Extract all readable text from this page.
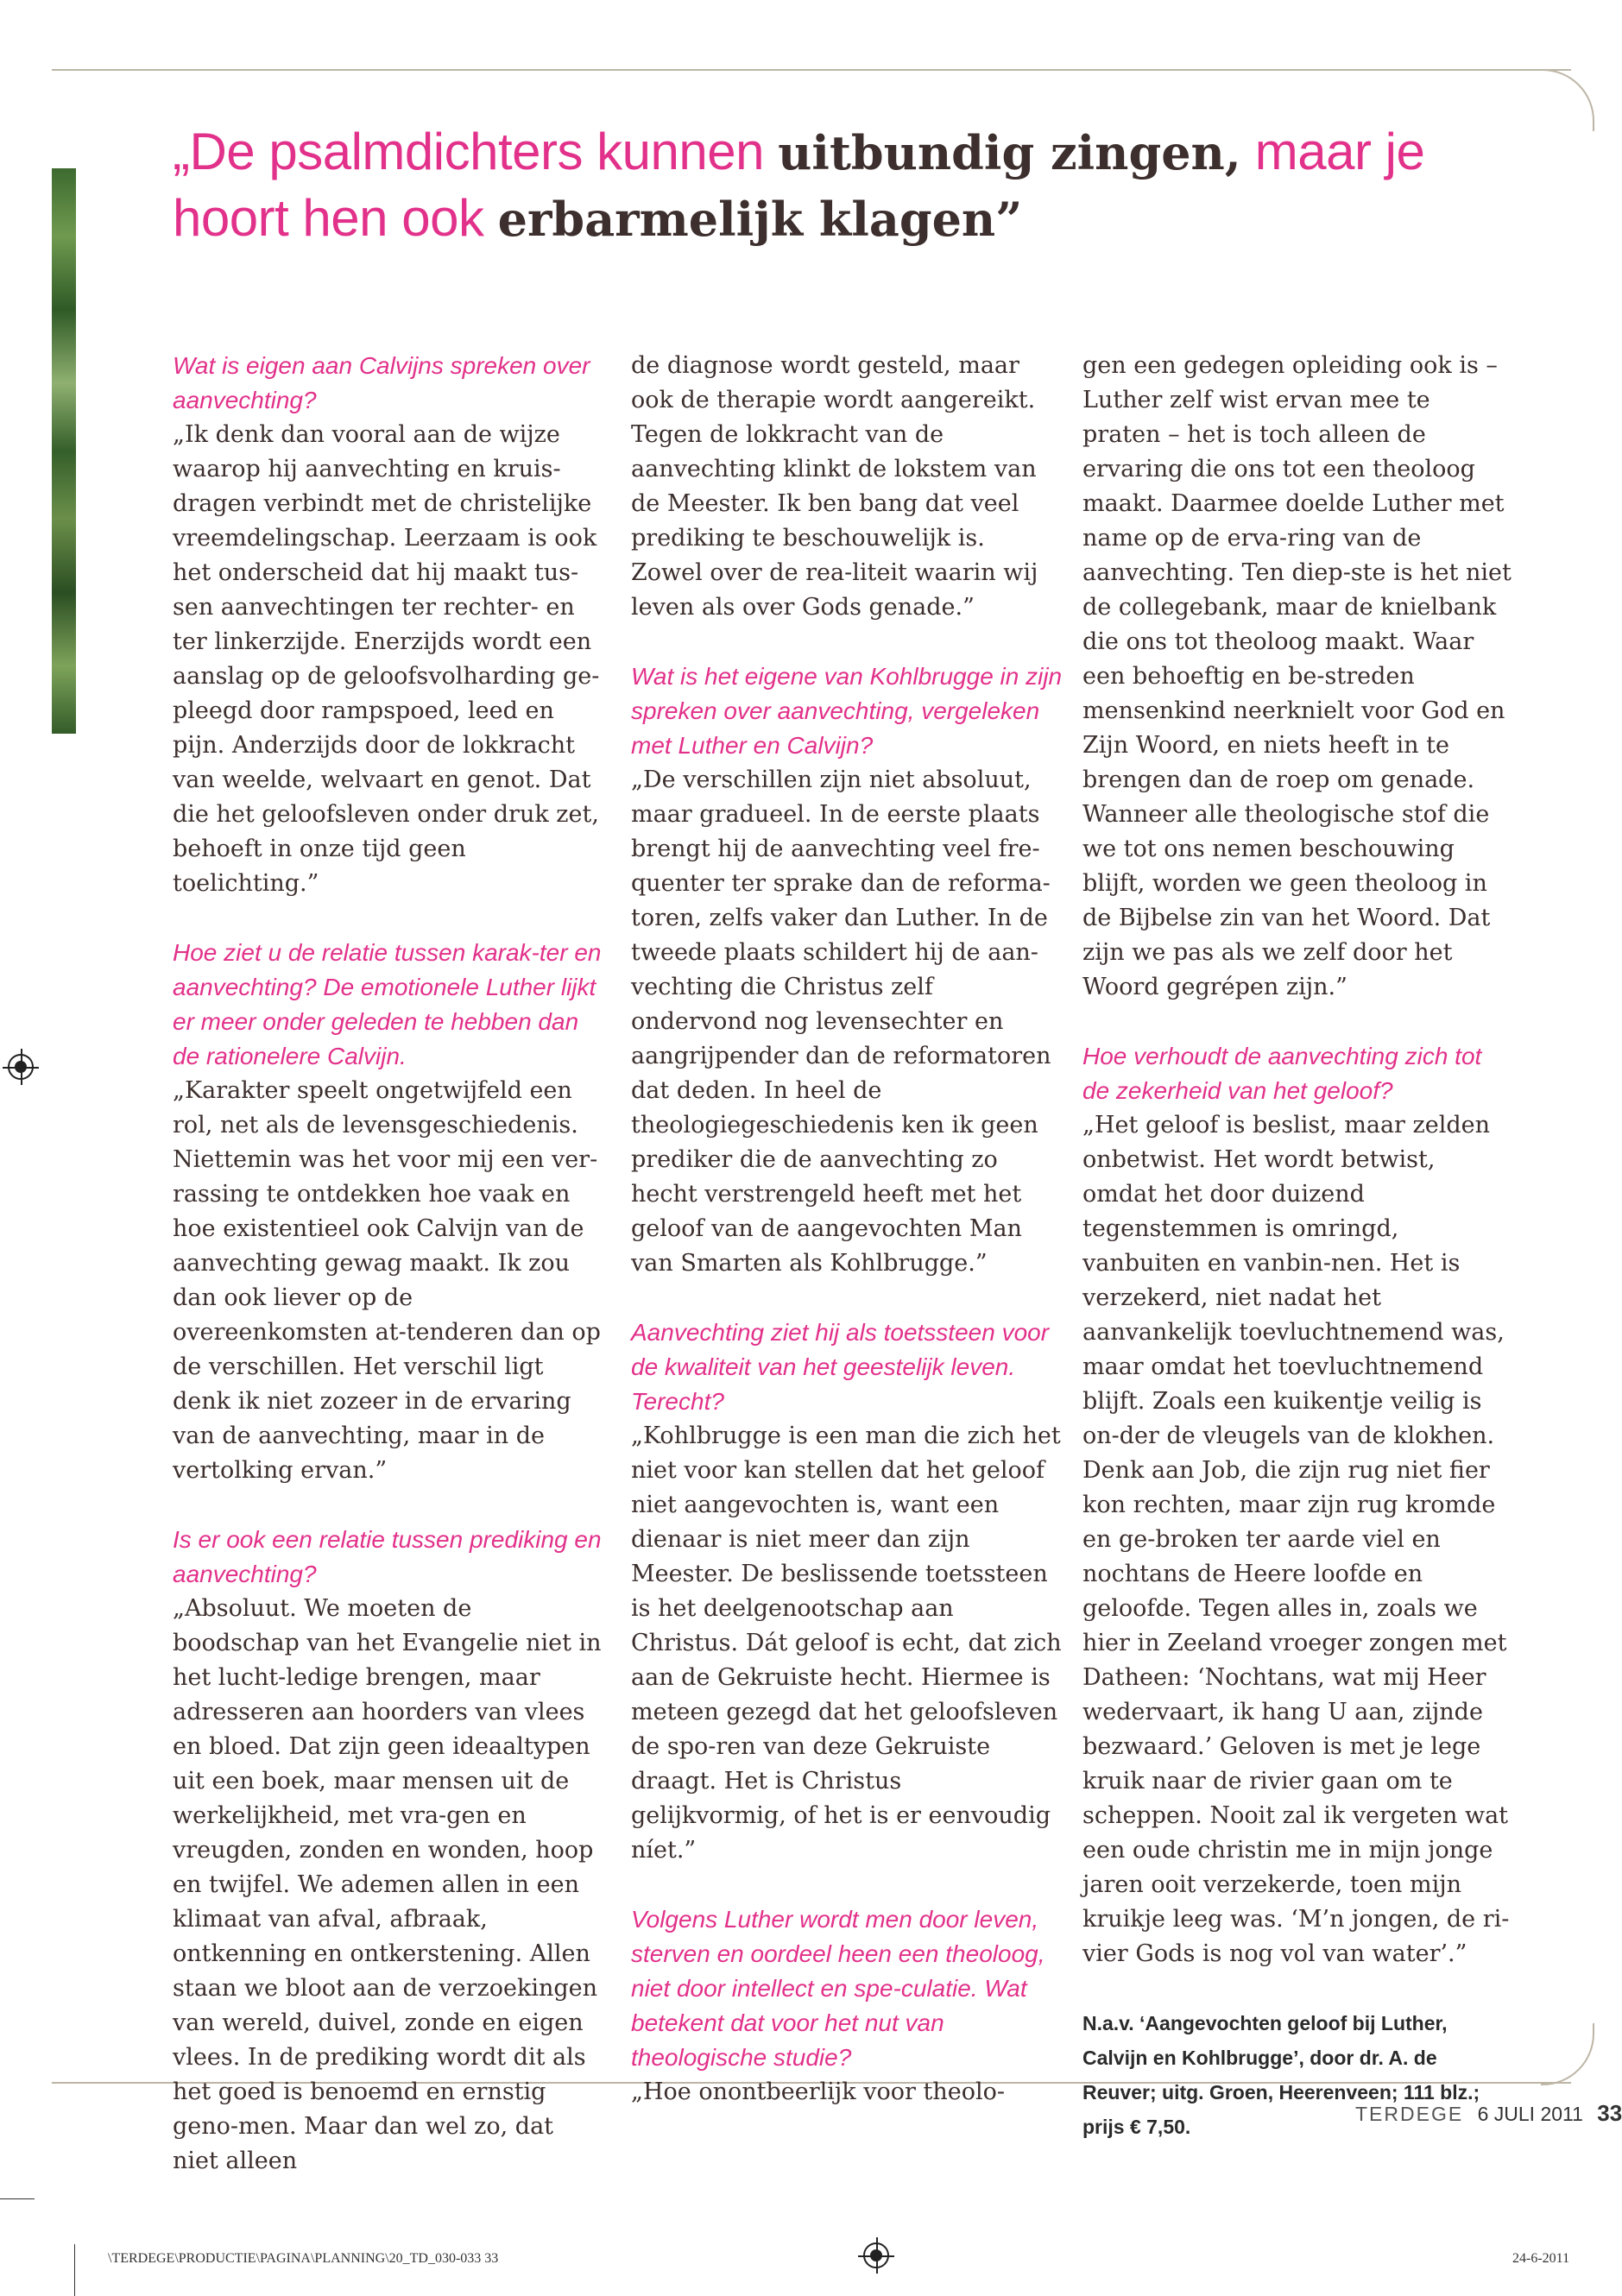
„De psalmdichters kunnen uitbundig zingen, maar je hoort hen ook erbarmelijk klagen”

Wat is eigen aan Calvijns spreken over aanvechting?

„Ik denk dan vooral aan de wijze waarop hij aanvechting en kruis-dragen verbindt met de christelijke vreemdelingschap. Leerzaam is ook het onderscheid dat hij maakt tus-sen aanvechtingen ter rechter- en ter linkerzijde. Enerzijds wordt een aanslag op de geloofsvolharding ge-pleegd door rampspoed, leed en pijn. Anderzijds door de lokkracht van weelde, welvaart en genot. Dat die het geloofsleven onder druk zet, behoeft in onze tijd geen toelichting.”

Hoe ziet u de relatie tussen karak-ter en aanvechting? De emotionele Luther lijkt er meer onder geleden te hebben dan de rationelere Calvijn.

„Karakter speelt ongetwijfeld een rol, net als de levensgeschiedenis. Niettemin was het voor mij een ver-rassing te ontdekken hoe vaak en hoe existentieel ook Calvijn van de aanvechting gewag maakt. Ik zou dan ook liever op de overeenkomsten at-tenderen dan op de verschillen. Het verschil ligt denk ik niet zozeer in de ervaring van de aanvechting, maar in de vertolking ervan.”

Is er ook een relatie tussen prediking en aanvechting?

„Absoluut. We moeten de boodschap van het Evangelie niet in het lucht-ledige brengen, maar adresseren aan hoorders van vlees en bloed. Dat zijn geen ideaaltypen uit een boek, maar mensen uit de werkelijkheid, met vra-gen en vreugden, zonden en wonden, hoop en twijfel. We ademen allen in een klimaat van afval, afbraak, ontkenning en ontkerstening. Allen staan we bloot aan de verzoekingen van wereld, duivel, zonde en eigen vlees. In de prediking wordt dit als het goed is benoemd en ernstig geno-men. Maar dan wel zo, dat niet alleen

de diagnose wordt gesteld, maar ook de therapie wordt aangereikt. Tegen de lokkracht van de aanvechting klinkt de lokstem van de Meester. Ik ben bang dat veel prediking te beschouwelijk is. Zowel over de rea-liteit waarin wij leven als over Gods genade.”

Wat is het eigene van Kohlbrugge in zijn spreken over aanvechting, vergeleken met Luther en Calvijn?

„De verschillen zijn niet absoluut, maar gradueel. In de eerste plaats brengt hij de aanvechting veel fre-quenter ter sprake dan de reforma-toren, zelfs vaker dan Luther. In de tweede plaats schildert hij de aan-vechting die Christus zelf ondervond nog levensechter en aangrijpender dan de reformatoren dat deden. In heel de theologiegeschiedenis ken ik geen prediker die de aanvechting zo hecht verstrengeld heeft met het geloof van de aangevochten Man van Smarten als Kohlbrugge.”

Aanvechting ziet hij als toetssteen voor de kwaliteit van het geestelijk leven. Terecht?

„Kohlbrugge is een man die zich het niet voor kan stellen dat het geloof niet aangevochten is, want een dienaar is niet meer dan zijn Meester. De beslissende toetssteen is het deelgenootschap aan Christus. Dát geloof is echt, dat zich aan de Gekruiste hecht. Hiermee is meteen gezegd dat het geloofsleven de spo-ren van deze Gekruiste draagt. Het is Christus gelijkvormig, of het is er eenvoudig níet.”

Volgens Luther wordt men door leven, sterven en oordeel heen een theoloog, niet door intellect en spe-culatie. Wat betekent dat voor het nut van theologische studie?

„Hoe onontbeerlijk voor theolo-

gen een gedegen opleiding ook is – Luther zelf wist ervan mee te praten – het is toch alleen de ervaring die ons tot een theoloog maakt. Daarmee doelde Luther met name op de erva-ring van de aanvechting. Ten diep-ste is het niet de collegebank, maar de knielbank die ons tot theoloog maakt. Waar een behoeftig en be-streden mensenkind neerknielt voor God en Zijn Woord, en niets heeft in te brengen dan de roep om genade. Wanneer alle theologische stof die we tot ons nemen beschouwing blijft, worden we geen theoloog in de Bijbelse zin van het Woord. Dat zijn we pas als we zelf door het Woord gegrépen zijn.”

Hoe verhoudt de aanvechting zich tot de zekerheid van het geloof?

„Het geloof is beslist, maar zelden onbetwist. Het wordt betwist, omdat het door duizend tegenstemmen is omringd, vanbuiten en vanbin-nen. Het is verzekerd, niet nadat het aanvankelijk toevluchtnemend was, maar omdat het toevluchtnemend blijft. Zoals een kuikentje veilig is on-der de vleugels van de klokhen. Denk aan Job, die zijn rug niet fier kon rechten, maar zijn rug kromde en ge-broken ter aarde viel en nochtans de Heere loofde en geloofde. Tegen alles in, zoals we hier in Zeeland vroeger zongen met Datheen: ‘Nochtans, wat mij Heer wedervaart, ik hang U aan, zijnde bezwaard.’ Geloven is met je lege kruik naar de rivier gaan om te scheppen. Nooit zal ik vergeten wat een oude christin me in mijn jonge jaren ooit verzekerde, toen mijn kruikje leeg was. ‘M’n jongen, de ri-vier Gods is nog vol van water’.”

N.a.v. ‘Aangevochten geloof bij Luther, Calvijn en Kohlbrugge’, door dr. A. de Reuver; uitg. Groen, Heerenveen; 111 blz.; prijs € 7,50.

TERDEGE 6 JULI 2011 33
\TERDEGE\PRODUCTIE\PAGINA\PLANNING\20_TD_030-033 33	24-6-2011
